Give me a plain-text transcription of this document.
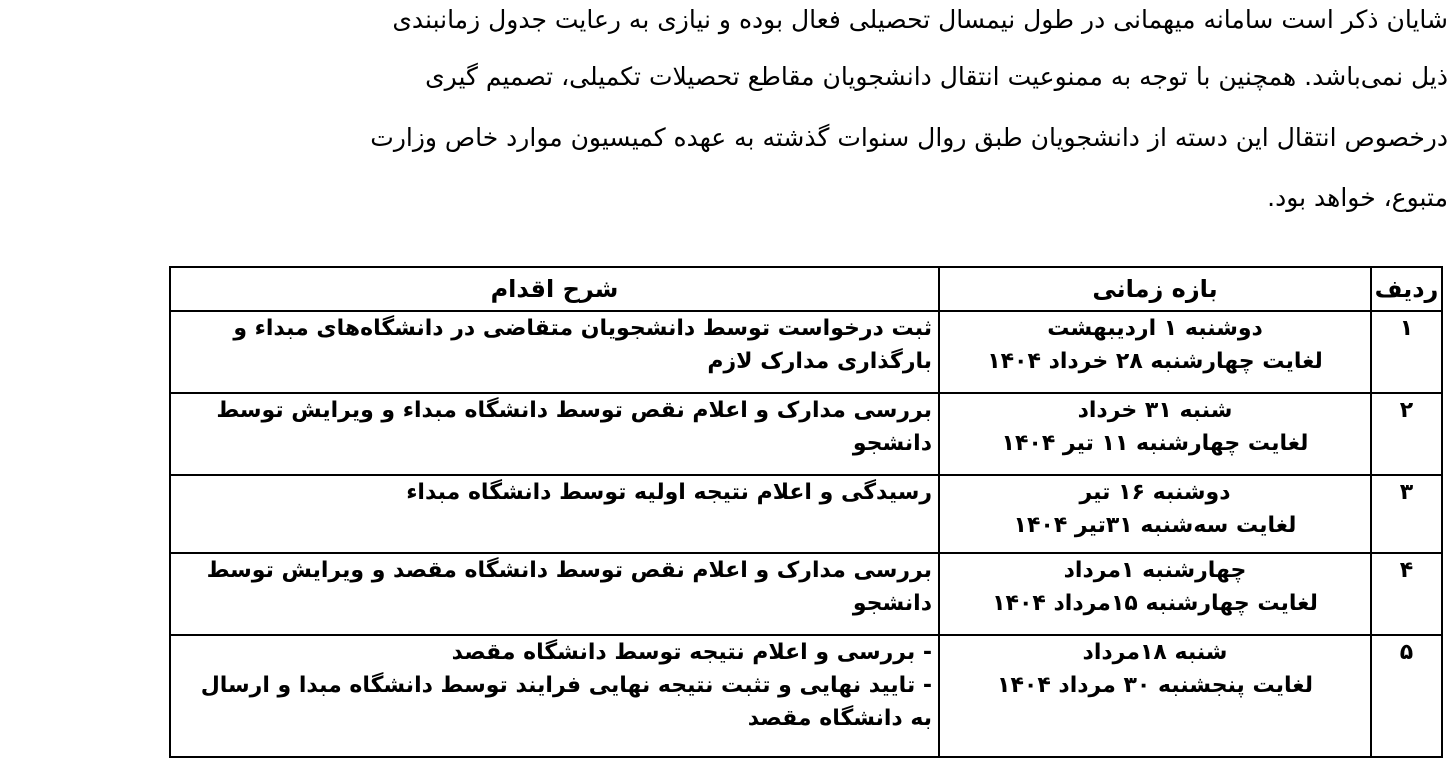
شایان ذکر است سامانه میهمانی در طول نیمسال تحصیلی فعال بوده و نیازی به رعایت جدول زمانبندی
ذیل نمی‌باشد. همچنین با توجه به ممنوعیت انتقال دانشجویان مقاطع تحصیلات تکمیلی، تصمیم گیری
درخصوص انتقال این دسته از دانشجویان طبق روال سنوات گذشته به عهده کمیسیون موارد خاص وزارت
متبوع، خواهد بود.
ردیف	بازه زمانی	شرح اقدام
۱	دوشنبه ۱ اردیبهشت
لغایت چهارشنبه ۲۸ خرداد ۱۴۰۴	ثبت درخواست توسط دانشجویان متقاضی در دانشگاه‌های مبداء و
بارگذاری مدارک لازم

۲	شنبه ۳۱ خرداد
لغایت چهارشنبه ۱۱ تیر ۱۴۰۴	بررسی مدارک و اعلام نقص توسط دانشگاه مبداء و ویرایش توسط
دانشجو

۳	دوشنبه ۱۶ تیر
لغایت سه‌شنبه ۳۱تیر ۱۴۰۴	رسیدگی و اعلام نتیجه اولیه توسط دانشگاه مبداء

۴	چهارشنبه ۱مرداد
لغایت چهارشنبه ۱۵مرداد ۱۴۰۴	بررسی مدارک و اعلام نقص توسط دانشگاه مقصد و ویرایش توسط
دانشجو

۵	شنبه ۱۸مرداد
لغایت پنجشنبه ۳۰ مرداد ۱۴۰۴	- بررسی و اعلام نتیجه توسط دانشگاه مقصد
- تایید نهایی و تثبت نتیجه نهایی فرایند توسط دانشگاه مبدا و ارسال
به دانشگاه مقصد
